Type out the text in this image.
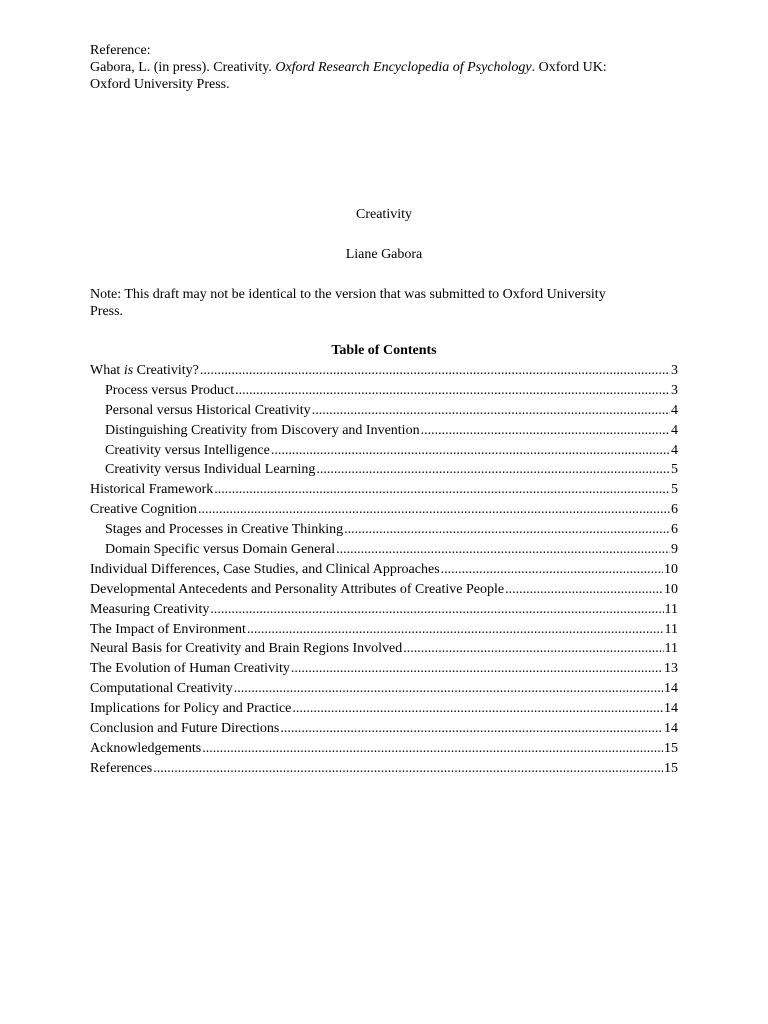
Reference:
Gabora, L. (in press). Creativity. Oxford Research Encyclopedia of Psychology. Oxford UK:
Oxford University Press.
Creativity
Liane Gabora
Note: This draft may not be identical to the version that was submitted to Oxford University
Press.
Table of Contents
What is Creativity? .....	3
Process versus Product .....	3
Personal versus Historical Creativity .....	4
Distinguishing Creativity from Discovery and Invention .....	4
Creativity versus Intelligence .....	4
Creativity versus Individual Learning .....	5
Historical Framework .....	5
Creative Cognition .....	6
Stages and Processes in Creative Thinking .....	6
Domain Specific versus Domain General .....	9
Individual Differences, Case Studies, and Clinical Approaches .....	10
Developmental Antecedents and Personality Attributes of Creative People .....	10
Measuring Creativity .....	11
The Impact of Environment .....	11
Neural Basis for Creativity and Brain Regions Involved .....	11
The Evolution of Human Creativity .....	13
Computational Creativity .....	14
Implications for Policy and Practice .....	14
Conclusion and Future Directions .....	14
Acknowledgements .....	15
References .....	15
